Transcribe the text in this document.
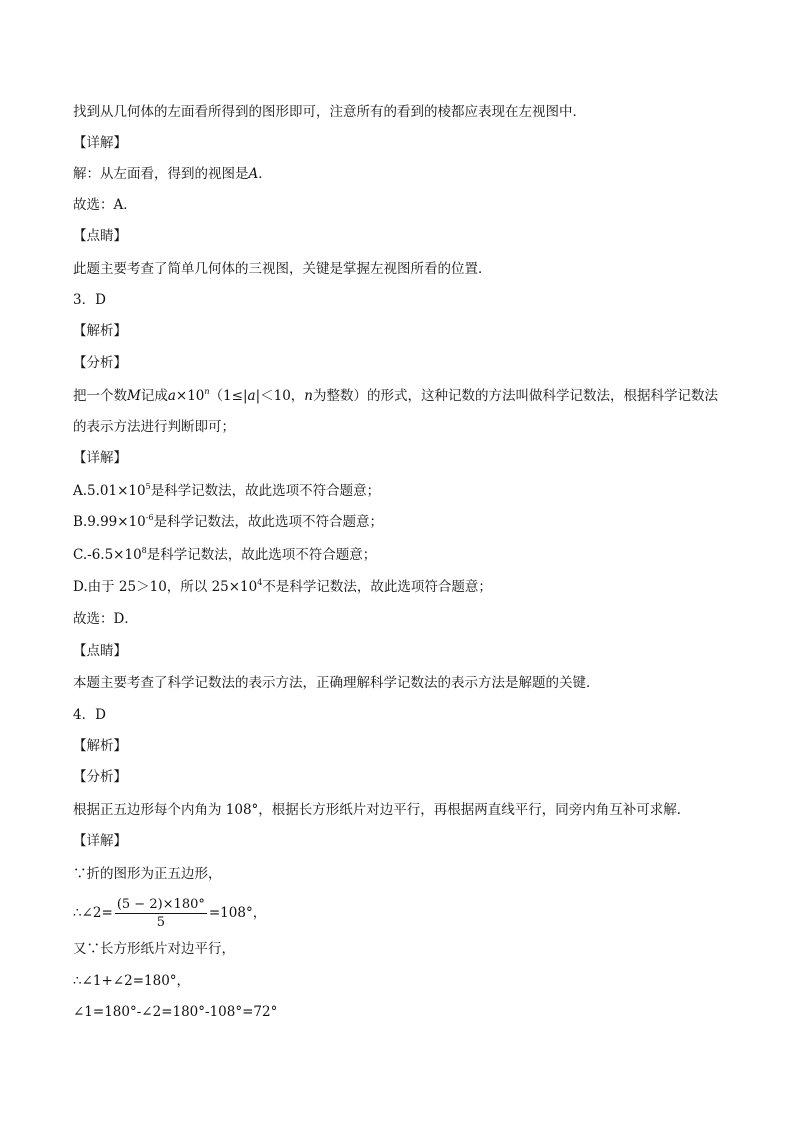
找到从几何体的左面看所得到的图形即可，注意所有的看到的棱都应表现在左视图中．
【详解】
解：从左面看，得到的视图是A．
故选：A．
【点睛】
此题主要考查了简单几何体的三视图，关键是掌握左视图所看的位置．
3．D
【解析】
【分析】
把一个数M记成$a\times 10^n(1\le|a|<10$，n为整数）的形式，这种记数的方法叫做科学记数法，根据科学记数法
的表示方法进行判断即可；
【详解】
$A.5.01\times 10^5$是科学记数法，故此选项不符合题意；
$B.9.99\times 10^{-6}$是科学记数法，故此选项不符合题意；
$C.-6.5\times 10^8$是科学记数法，故此选项不符合题意；
D.由于 25＞10，所以 $25\times 10^4$不是科学记数法，故此选项符合题意；
故选：D．
【点睛】
本题主要考查了科学记数法的表示方法，正确理解科学记数法的表示方法是解题的关键．
4．D
【解析】
【分析】
根据正五边形每个内角为 108°，根据长方形纸片对边平行，再根据两直线平行，同旁内角互补可求解．
【详解】
∵折的图形为正五边形，
∴∠2= $\frac{(5 - 2)\times 180^\circ}{5} =108^\circ$，
又∵长方形纸片对边平行，
∴∠1+∠2=180°，
∠1=180°-∠2=180°-108°=72°
